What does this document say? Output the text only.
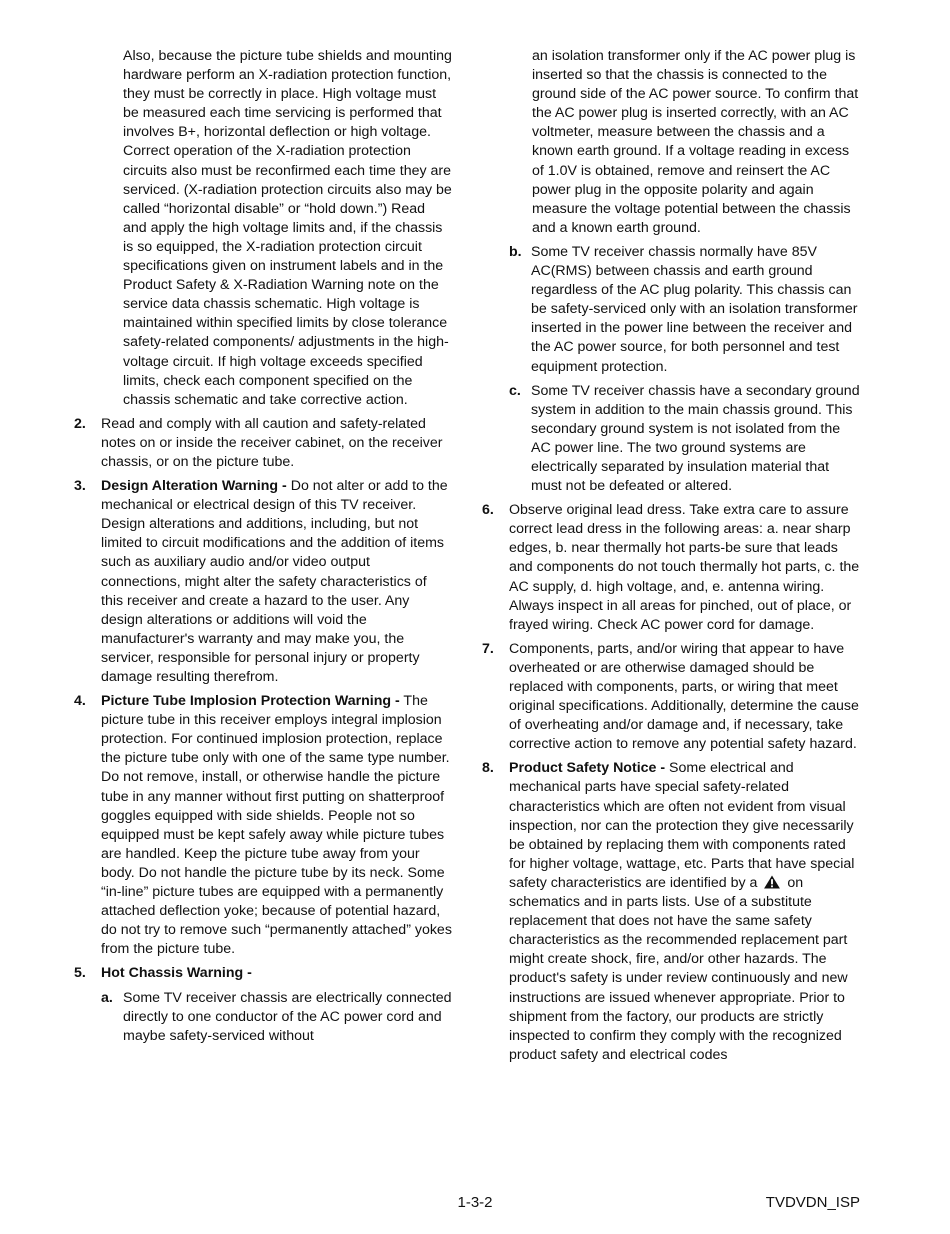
Also, because the picture tube shields and mounting hardware perform an X-radiation protection function, they must be correctly in place. High voltage must be measured each time servicing is performed that involves B+, horizontal deflection or high voltage. Correct operation of the X-radiation protection circuits also must be reconfirmed each time they are serviced. (X-radiation protection circuits also may be called “horizontal disable” or “hold down.”) Read and apply the high voltage limits and, if the chassis is so equipped, the X-radiation protection circuit specifications given on instrument labels and in the Product Safety & X-Radiation Warning note on the service data chassis schematic. High voltage is maintained within specified limits by close tolerance safety-related components/ adjustments in the high-voltage circuit. If high voltage exceeds specified limits, check each component specified on the chassis schematic and take corrective action.

2. Read and comply with all caution and safety-related notes on or inside the receiver cabinet, on the receiver chassis, or on the picture tube.
3. Design Alteration Warning - Do not alter or add to the mechanical or electrical design of this TV receiver. Design alterations and additions, including, but not limited to circuit modifications and the addition of items such as auxiliary audio and/or video output connections, might alter the safety characteristics of this receiver and create a hazard to the user. Any design alterations or additions will void the manufacturer's warranty and may make you, the servicer, responsible for personal injury or property damage resulting therefrom.
4. Picture Tube Implosion Protection Warning - The picture tube in this receiver employs integral implosion protection. For continued implosion protection, replace the picture tube only with one of the same type number. Do not remove, install, or otherwise handle the picture tube in any manner without first putting on shatterproof goggles equipped with side shields. People not so equipped must be kept safely away while picture tubes are handled. Keep the picture tube away from your body. Do not handle the picture tube by its neck. Some “in-line” picture tubes are equipped with a permanently attached deflection yoke; because of potential hazard, do not try to remove such “permanently attached” yokes from the picture tube.
5. Hot Chassis Warning -
a. Some TV receiver chassis are electrically connected directly to one conductor of the AC power cord and maybe safety-serviced without

an isolation transformer only if the AC power plug is inserted so that the chassis is connected to the ground side of the AC power source. To confirm that the AC power plug is inserted correctly, with an AC voltmeter, measure between the chassis and a known earth ground. If a voltage reading in excess of 1.0V is obtained, remove and reinsert the AC power plug in the opposite polarity and again measure the voltage potential between the chassis and a known earth ground.

b. Some TV receiver chassis normally have 85V AC(RMS) between chassis and earth ground regardless of the AC plug polarity. This chassis can be safety-serviced only with an isolation transformer inserted in the power line between the receiver and the AC power source, for both personnel and test equipment protection.
c. Some TV receiver chassis have a secondary ground system in addition to the main chassis ground. This secondary ground system is not isolated from the AC power line. The two ground systems are electrically separated by insulation material that must not be defeated or altered.
6. Observe original lead dress. Take extra care to assure correct lead dress in the following areas: a. near sharp edges, b. near thermally hot parts-be sure that leads and components do not touch thermally hot parts, c. the AC supply, d. high voltage, and, e. antenna wiring. Always inspect in all areas for pinched, out of place, or frayed wiring. Check AC power cord for damage.
7. Components, parts, and/or wiring that appear to have overheated or are otherwise damaged should be replaced with components, parts, or wiring that meet original specifications. Additionally, determine the cause of overheating and/or damage and, if necessary, take corrective action to remove any potential safety hazard.
8. Product Safety Notice - Some electrical and mechanical parts have special safety-related characteristics which are often not evident from visual inspection, nor can the protection they give necessarily be obtained by replacing them with components rated for higher voltage, wattage, etc. Parts that have special safety characteristics are identified by a on schematics and in parts lists. Use of a substitute replacement that does not have the same safety characteristics as the recommended replacement part might create shock, fire, and/or other hazards. The product's safety is under review continuously and new instructions are issued whenever appropriate. Prior to shipment from the factory, our products are strictly inspected to confirm they comply with the recognized product safety and electrical codes
1-3-2	TVDVDN_ISP
